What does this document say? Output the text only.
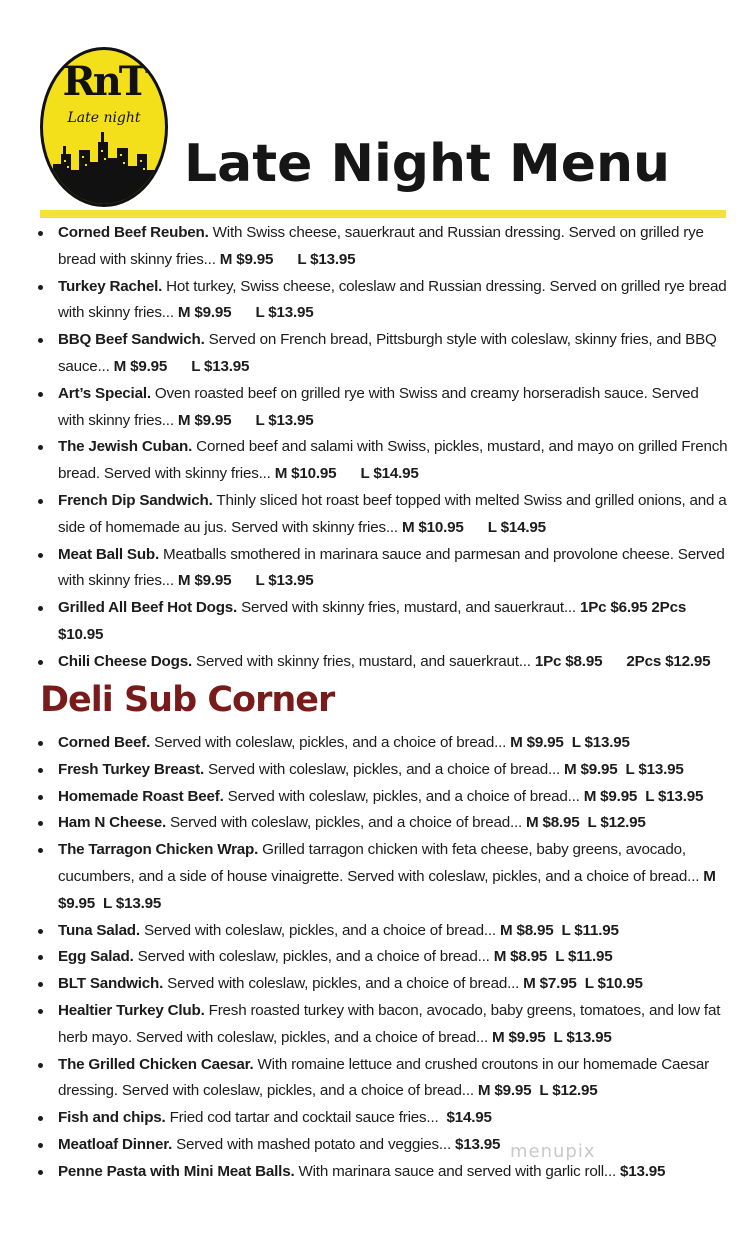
RnT
Late night
Late Night Menu
Corned Beef Reuben. With Swiss cheese, sauerkraut and Russian dressing. Served on grilled rye bread with skinny fries... M $9.95      L $13.95
Turkey Rachel. Hot turkey, Swiss cheese, coleslaw and Russian dressing. Served on grilled rye bread with skinny fries... M $9.95      L $13.95
BBQ Beef Sandwich. Served on French bread, Pittsburgh style with coleslaw, skinny fries, and BBQ sauce... M $9.95      L $13.95
Art’s Special. Oven roasted beef on grilled rye with Swiss and creamy horseradish sauce. Served with skinny fries... M $9.95      L $13.95
The Jewish Cuban. Corned beef and salami with Swiss, pickles, mustard, and mayo on grilled French bread. Served with skinny fries... M $10.95      L $14.95
French Dip Sandwich. Thinly sliced hot roast beef topped with melted Swiss and grilled onions, and a side of homemade au jus. Served with skinny fries... M $10.95      L $14.95
Meat Ball Sub. Meatballs smothered in marinara sauce and parmesan and provolone cheese. Served with skinny fries... M $9.95      L $13.95
Grilled All Beef Hot Dogs. Served with skinny fries, mustard, and sauerkraut... 1Pc $6.95 2Pcs $10.95
Chili Cheese Dogs. Served with skinny fries, mustard, and sauerkraut... 1Pc $8.95      2Pcs $12.95
Deli Sub Corner
Corned Beef. Served with coleslaw, pickles, and a choice of bread... M $9.95  L $13.95
Fresh Turkey Breast. Served with coleslaw, pickles, and a choice of bread... M $9.95  L $13.95
Homemade Roast Beef. Served with coleslaw, pickles, and a choice of bread... M $9.95  L $13.95
Ham N Cheese. Served with coleslaw, pickles, and a choice of bread... M $8.95  L $12.95
The Tarragon Chicken Wrap. Grilled tarragon chicken with feta cheese, baby greens, avocado, cucumbers, and a side of house vinaigrette. Served with coleslaw, pickles, and a choice of bread... M $9.95  L $13.95
Tuna Salad. Served with coleslaw, pickles, and a choice of bread... M $8.95  L $11.95
Egg Salad. Served with coleslaw, pickles, and a choice of bread... M $8.95  L $11.95
BLT Sandwich. Served with coleslaw, pickles, and a choice of bread... M $7.95  L $10.95
Healtier Turkey Club. Fresh roasted turkey with bacon, avocado, baby greens, tomatoes, and low fat herb mayo. Served with coleslaw, pickles, and a choice of bread... M $9.95  L $13.95
The Grilled Chicken Caesar. With romaine lettuce and crushed croutons in our homemade Caesar dressing. Served with coleslaw, pickles, and a choice of bread... M $9.95  L $12.95
Fish and chips. Fried cod tartar and cocktail sauce fries...  $14.95
Meatloaf Dinner. Served with mashed potato and veggies... $13.95
Penne Pasta with Mini Meat Balls. With marinara sauce and served with garlic roll... $13.95
menupix
